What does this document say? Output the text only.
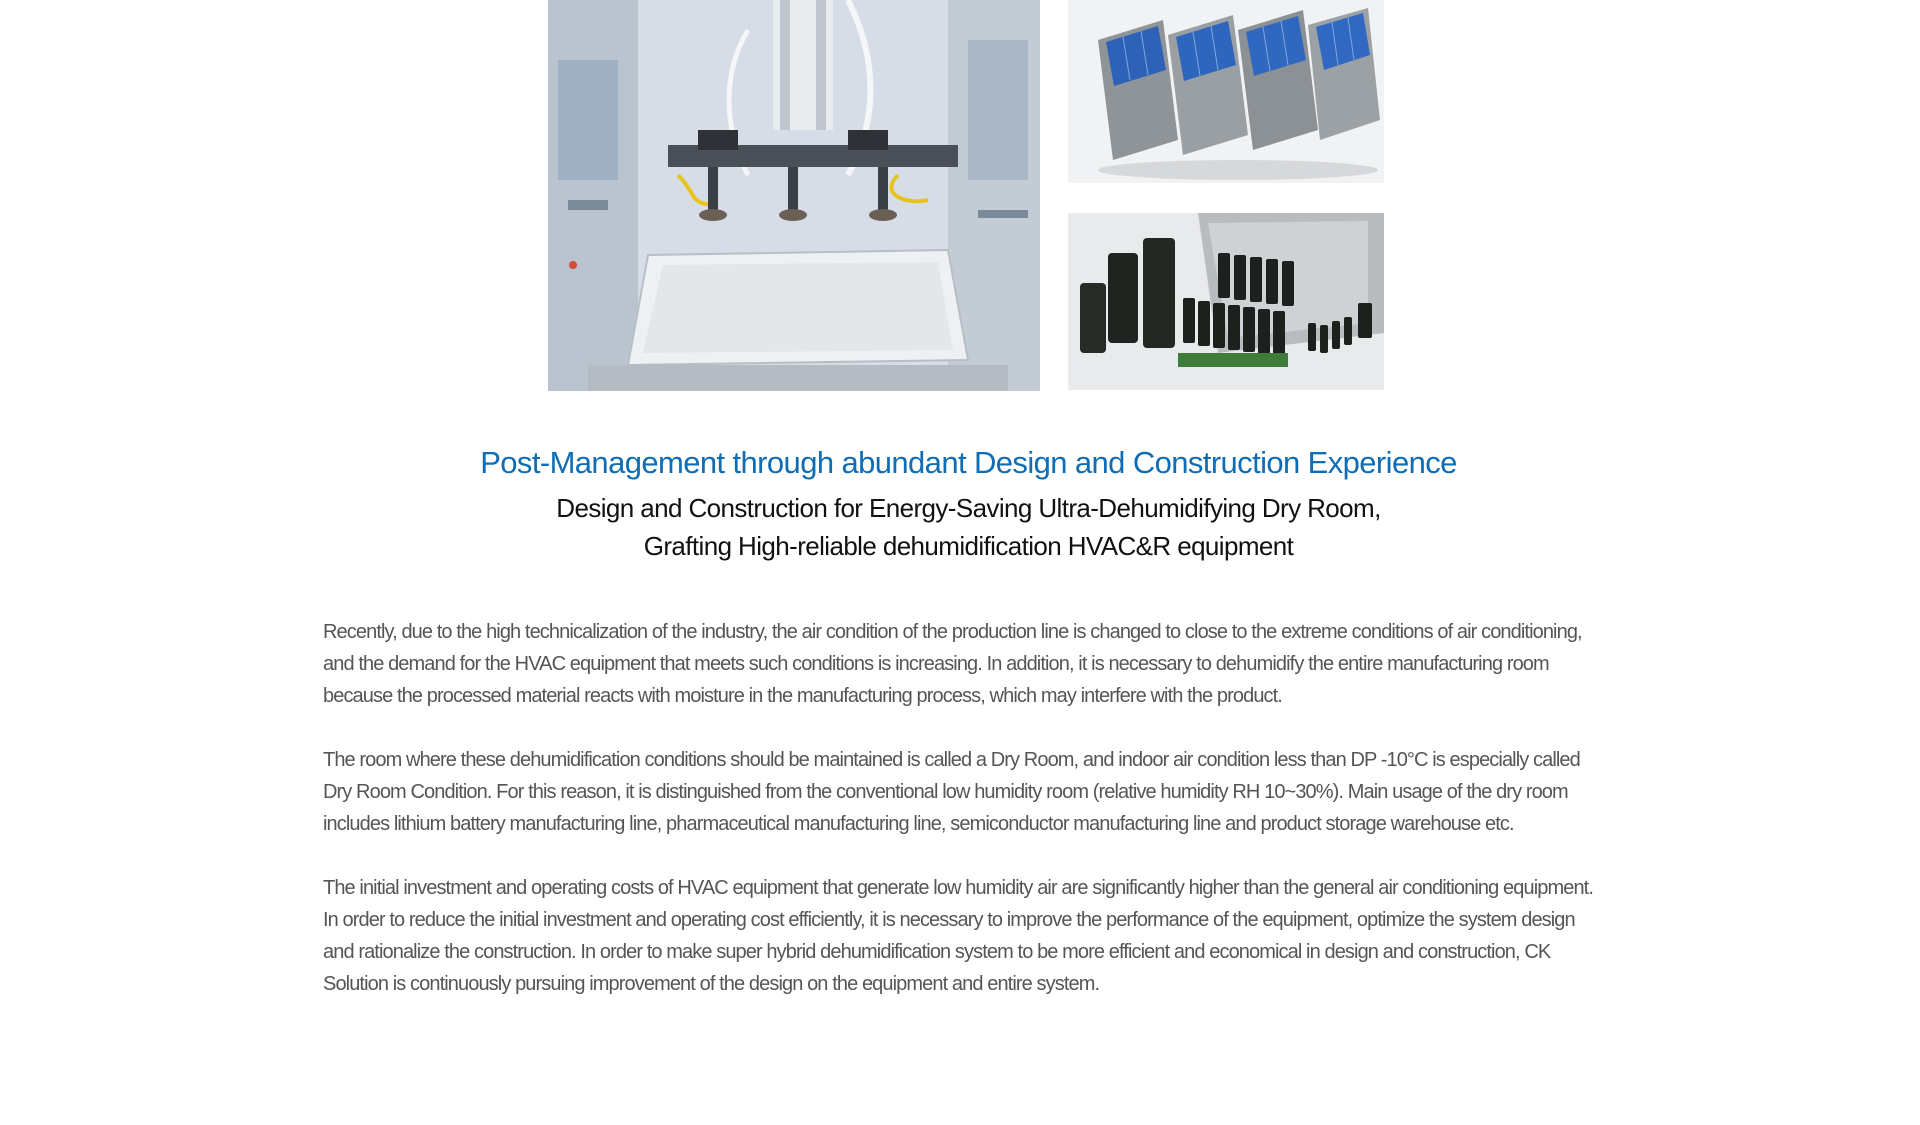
Post-Management through abundant Design and Construction Experience
Design and Construction for Energy-Saving Ultra-Dehumidifying Dry Room,
Grafting High-reliable dehumidification HVAC&R equipment

Recently, due to the high technicalization of the industry, the air condition of the production line is changed to close to the extreme conditions of air conditioning, and the demand for the HVAC equipment that meets such conditions is increasing. In addition, it is necessary to dehumidify the entire manufacturing room because the processed material reacts with moisture in the manufacturing process, which may interfere with the product.

The room where these dehumidification conditions should be maintained is called a Dry Room, and indoor air condition less than DP -10°C is especially called Dry Room Condition. For this reason, it is distinguished from the conventional low humidity room (relative humidity RH 10~30%). Main usage of the dry room includes lithium battery manufacturing line, pharmaceutical manufacturing line, semiconductor manufacturing line and product storage warehouse etc.

The initial investment and operating costs of HVAC equipment that generate low humidity air are significantly higher than the general air conditioning equipment. In order to reduce the initial investment and operating cost efficiently, it is necessary to improve the performance of the equipment, optimize the system design and rationalize the construction. In order to make super hybrid dehumidification system to be more efficient and economical in design and construction, CK Solution is continuously pursuing improvement of the design on the equipment and entire system.
